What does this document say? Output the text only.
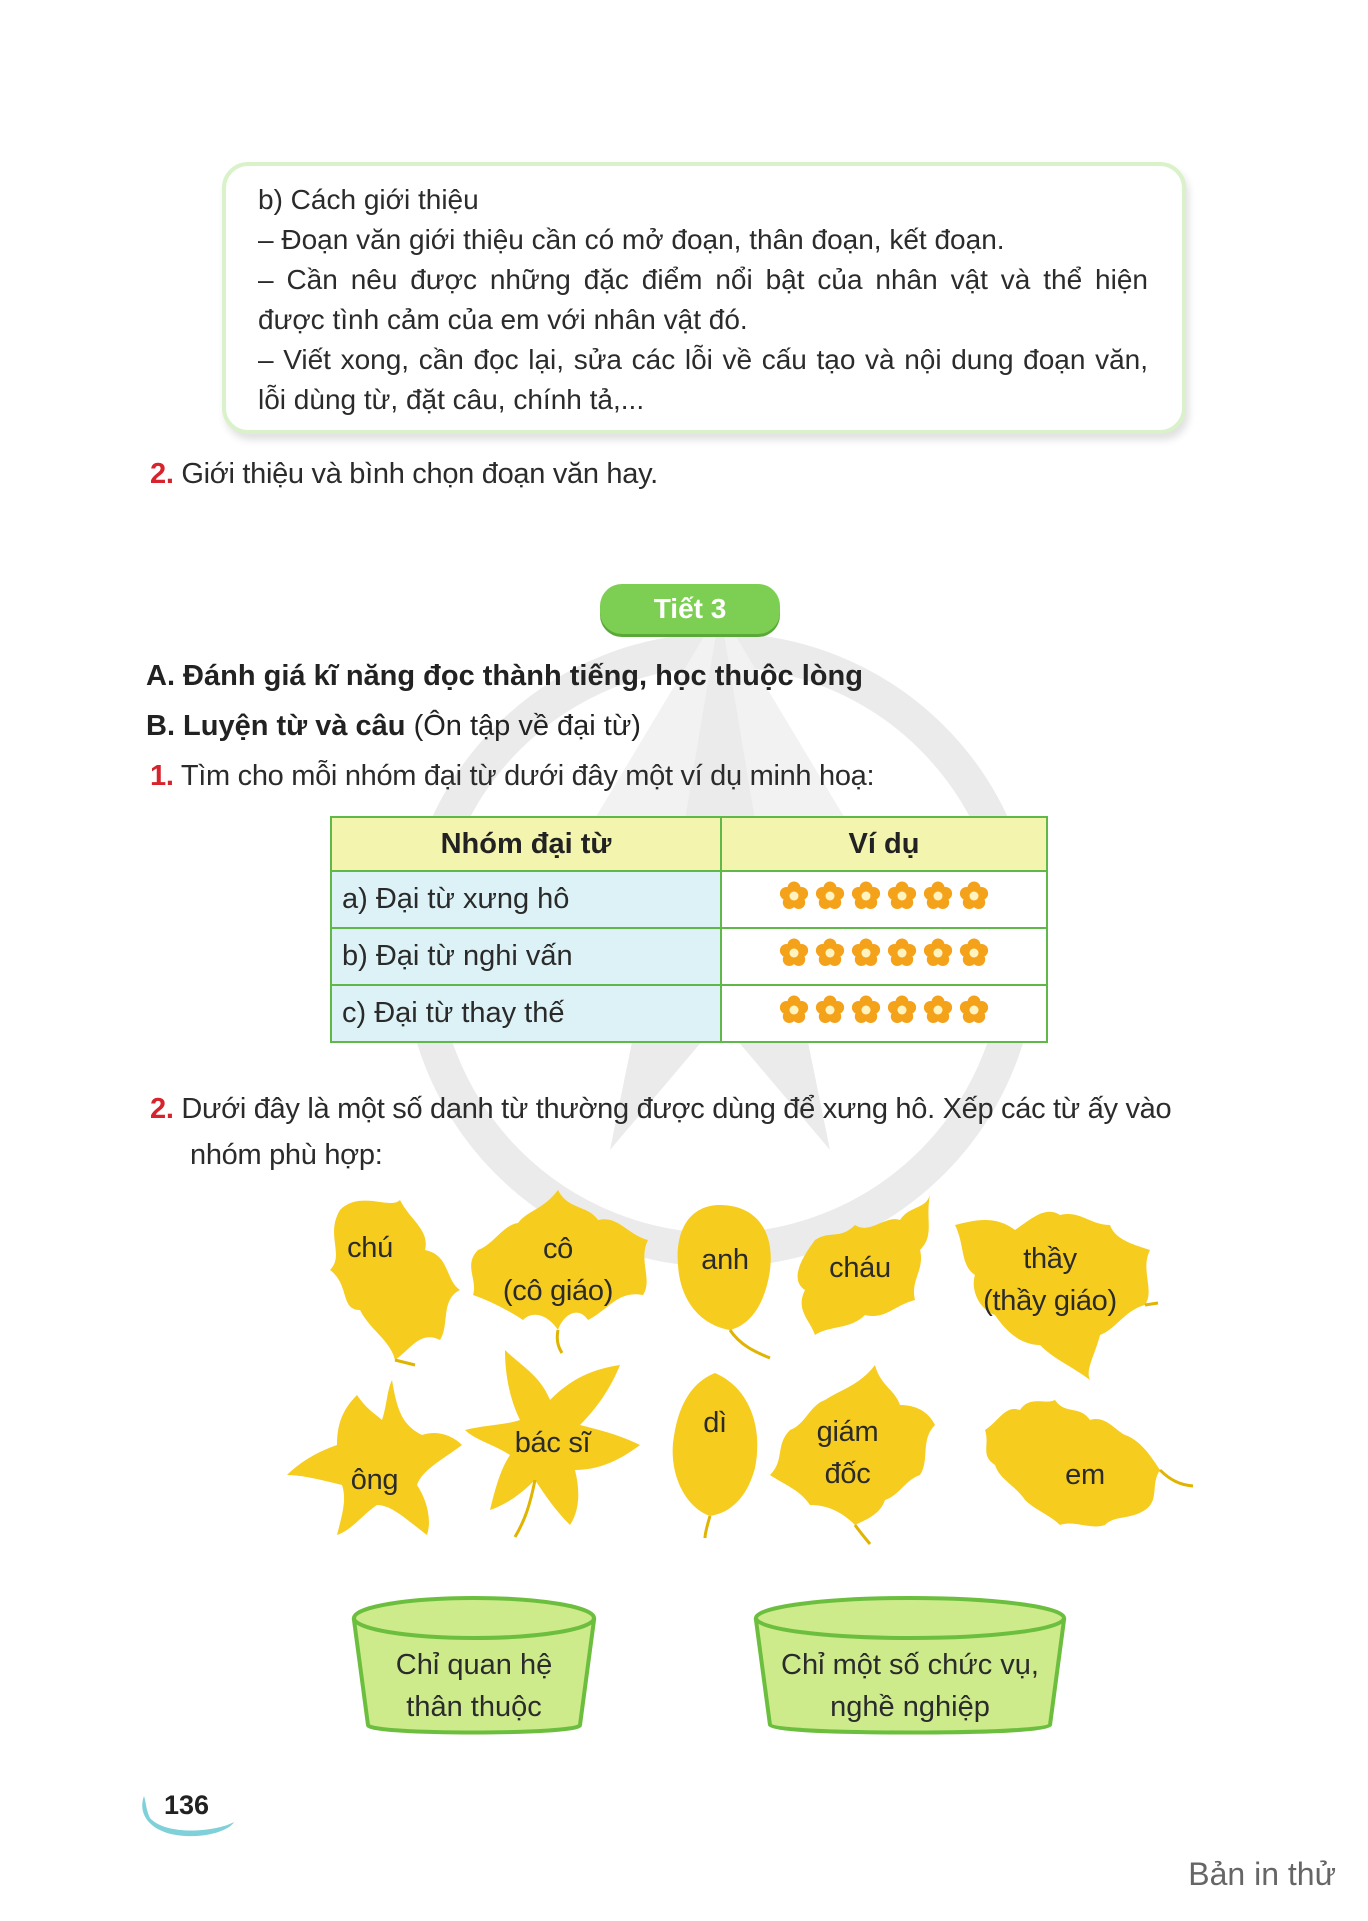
b) Cách giới thiệu

– Đoạn văn giới thiệu cần có mở đoạn, thân đoạn, kết đoạn.

– Cần nêu được những đặc điểm nổi bật của nhân vật và thể hiện được tình cảm của em với nhân vật đó.

– Viết xong, cần đọc lại, sửa các lỗi về cấu tạo và nội dung đoạn văn, lỗi dùng từ, đặt câu, chính tả,...

2. Giới thiệu và bình chọn đoạn văn hay.
Tiết 3
A. Đánh giá kĩ năng đọc thành tiếng, học thuộc lòng
B. Luyện từ và câu (Ôn tập về đại từ)
1. Tìm cho mỗi nhóm đại từ dưới đây một ví dụ minh hoạ:
Nhóm đại từ	Ví dụ
a) Đại từ xưng hô	

b) Đại từ nghi vấn	

c) Đại từ thay thế	
2. Dưới đây là một số danh từ thường được dùng để xưng hô. Xếp các từ ấy vào
nhóm phù hợp:
chú	cô
(cô giáo)
anh	cháu	thầy
(thầy giáo)
ông
bác sĩ
dì	giám
đốc	em
Chỉ quan hệ
thân thuộc
Chỉ một số chức vụ,
nghề nghiệp
136
Bản in thử
